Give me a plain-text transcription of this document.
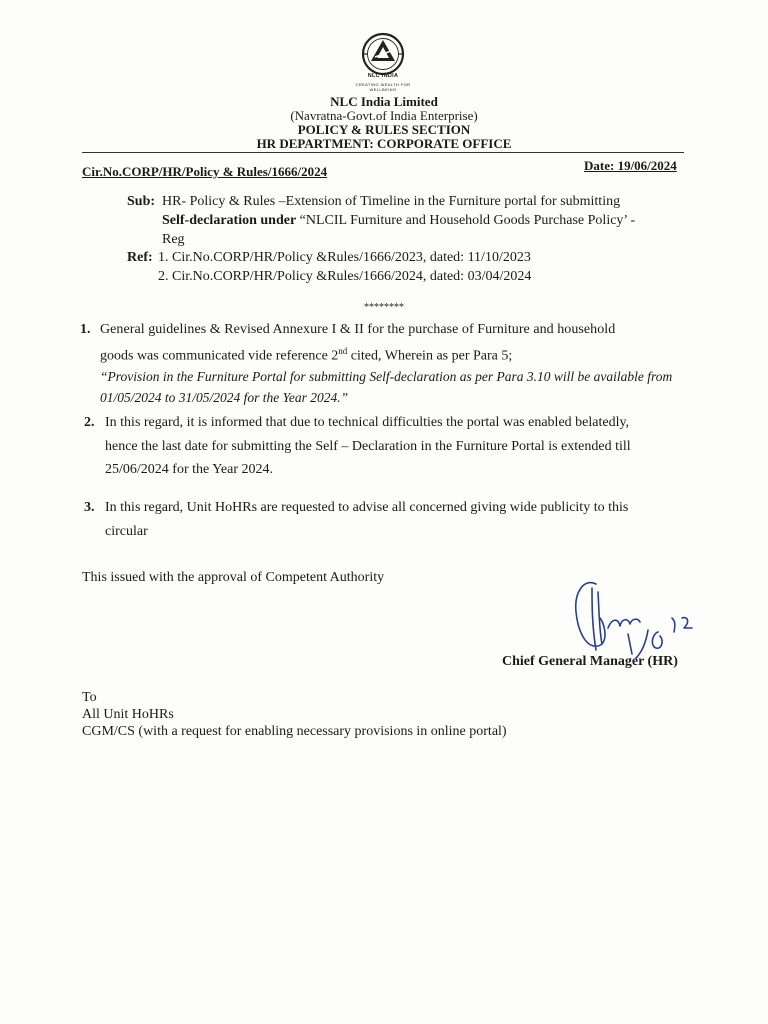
NLC INDIA
CREATING WEALTH FOR WELLBEING
NLC India Limited
(Navratna-Govt.of India Enterprise)
POLICY & RULES SECTION
HR DEPARTMENT: CORPORATE OFFICE
Cir.No.CORP/HR/Policy & Rules/1666/2024	Date: 19/06/2024
Sub: HR- Policy & Rules –Extension of Timeline in the Furniture portal for submitting
Self-declaration under “NLCIL Furniture and Household Goods Purchase Policy’ -
Reg
Ref: 1. Cir.No.CORP/HR/Policy &Rules/1666/2023, dated: 11/10/2023
2. Cir.No.CORP/HR/Policy &Rules/1666/2024, dated: 03/04/2024
********
1. General guidelines & Revised Annexure I & II for the purchase of Furniture and household
goods was communicated vide reference 2nd cited, Wherein as per Para 5;
“Provision in the Furniture Portal for submitting Self-declaration as per Para 3.10 will be available from
01/05/2024 to 31/05/2024 for the Year 2024.”
2. In this regard, it is informed that due to technical difficulties the portal was enabled belatedly,
hence the last date for submitting the Self – Declaration in the Furniture Portal is extended till
25/06/2024 for the Year 2024.
3. In this regard, Unit HoHRs are requested to advise all concerned giving wide publicity to this
circular
This issued with the approval of Competent Authority
Chief General Manager (HR)
To
All Unit HoHRs
CGM/CS (with a request for enabling necessary provisions in online portal)
